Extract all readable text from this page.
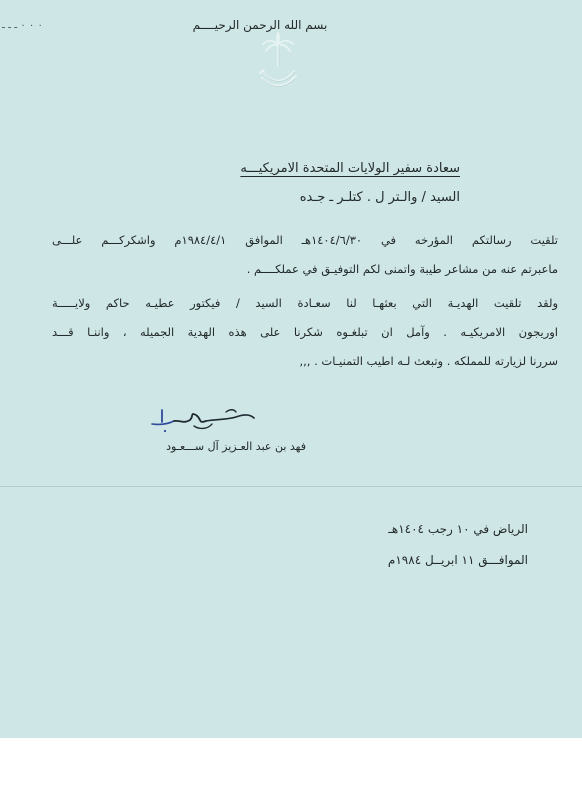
٠ ٠ ٠ ـ ـ ـ	بسم الله الرحمن الرحيــــم
سعادة سفير الولايات المتحدة الامريكيـــه
السيد / والـتر ل . كتلـر ـ جـده
تلقيت رسالتكم المؤرخه في ١٤٠٤/٦/٣٠هـ الموافق ١٩٨٤/٤/١م واشكركـــم علـــى
ماعبرتم عنه من مشاعر طيبة واتمنى لكم التوفيـق في عملكــــم .
ولقد تلقيت الهديـة التي بعثهـا لنا سعـادة السيد / فيكتور عطيـه حاكم ولايـــــة
اوريجون الامريكيـه . وآمل ان تبلغـوه شكرنا على هذه الهدية الجميله ، واننـا قـــد
سررنا لزيارته للمملكه . وتبعث لـه اطيب التمنيـات . ,,,
فهد بن عبد العـزيز آل ســـعـود
الرياض في ١٠ رجب ١٤٠٤هـ
الموافـــق ١١ ابريــل ١٩٨٤م
